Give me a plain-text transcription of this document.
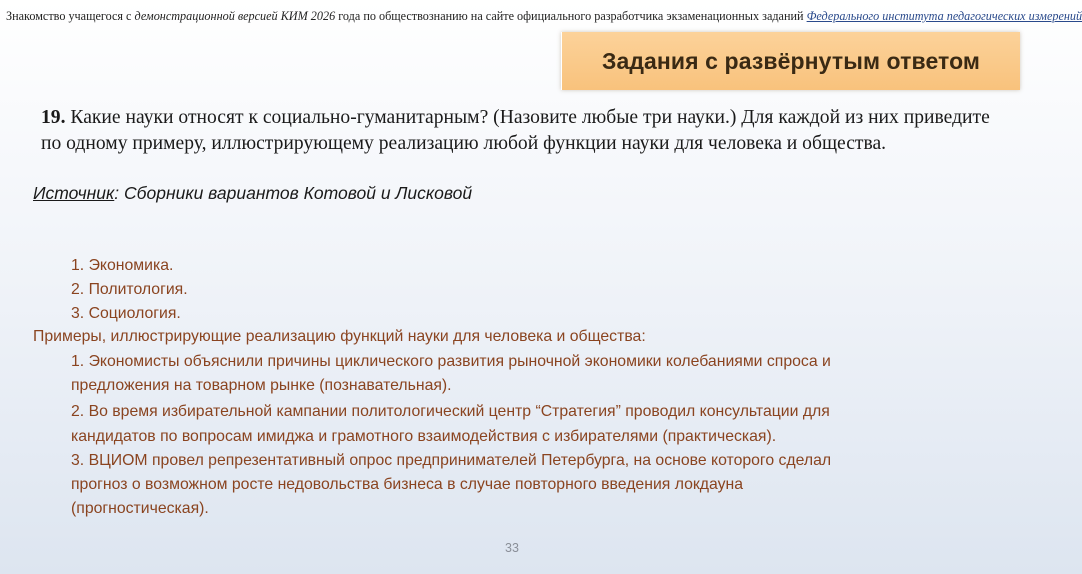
Знакомство учащегося с демонстрационной версией КИМ 2026 года по обществознанию на сайте официального разработчика экзаменационных заданий Федерального института педагогических измерений
Задания с развёрнутым ответом
19. Какие науки относят к социально-гуманитарным? (Назовите любые три науки.) Для каждой из них приведите по одному примеру, иллюстрирующему реализацию любой функции науки для человека и общества.
Источник: Сборники вариантов Котовой и Лисковой
1. Экономика.
2. Политология.
3. Социология.
Примеры, иллюстрирующие реализацию функций науки для человека и общества:
1. Экономисты объяснили причины циклического развития рыночной экономики колебаниями спроса и
предложения на товарном рынке (познавательная).
2. Во время избирательной кампании политологический центр “Стратегия” проводил консультации для
кандидатов по вопросам имиджа и грамотного взаимодействия с избирателями (практическая).
3. ВЦИОМ провел репрезентативный опрос предпринимателей Петербурга, на основе которого сделал
прогноз о возможном росте недовольства бизнеса в случае повторного введения локдауна
(прогностическая).
33
